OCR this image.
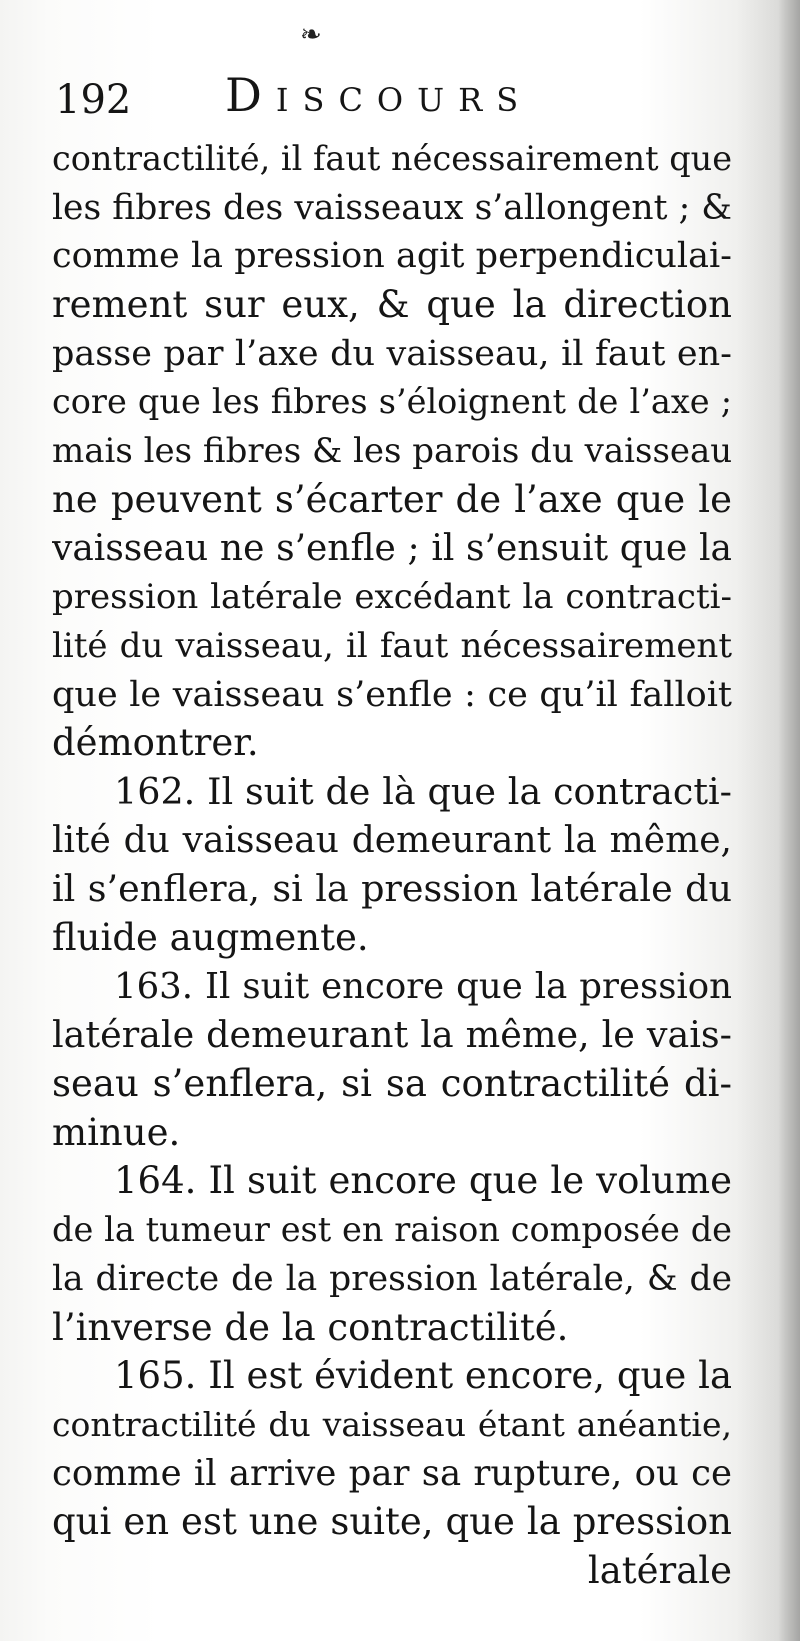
❧
192 Discours
contractilité, il faut nécessairement que
les fibres des vaisseaux s’allongent ; &
comme la pression agit perpendiculai-
rement sur eux, & que la direction
passe par l’axe du vaisseau, il faut en-
core que les fibres s’éloignent de l’axe ;
mais les fibres & les parois du vaisseau
ne peuvent s’écarter de l’axe que le
vaisseau ne s’enfle ; il s’ensuit que la
pression latérale excédant la contracti-
lité du vaisseau, il faut nécessairement
que le vaisseau s’enfle : ce qu’il falloit
démontrer.
162. Il suit de là que la contracti-
lité du vaisseau demeurant la même,
il s’enflera, si la pression latérale du
fluide augmente.
163. Il suit encore que la pression
latérale demeurant la même, le vais-
seau s’enflera, si sa contractilité di-
minue.
164. Il suit encore que le volume
de la tumeur est en raison composée de
la directe de la pression latérale, & de
l’inverse de la contractilité.
165. Il est évident encore, que la
contractilité du vaisseau étant anéantie,
comme il arrive par sa rupture, ou ce
qui en est une suite, que la pression
latérale
